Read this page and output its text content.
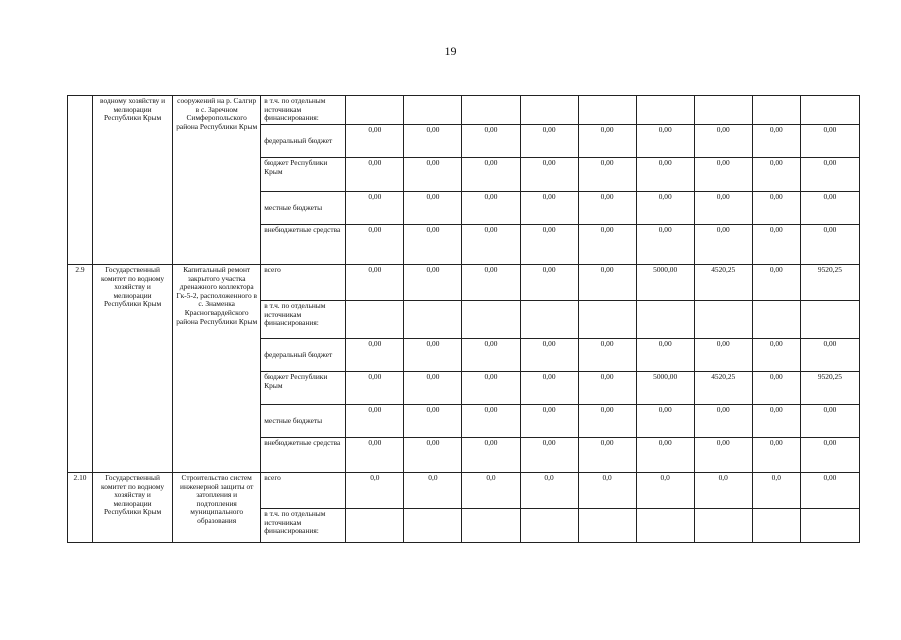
19
	водному хозяйству и мелиорации Республики Крым	сооружений на р. Салгир в с. Заречном Симферопольского района Республики Крым	в т.ч. по отдельным источникам финансирования:									
			федеральный бюджет	0,00	0,00	0,00	0,00	0,00	0,00	0,00	0,00	0,00
			бюджет Республики Крым	0,00	0,00	0,00	0,00	0,00	0,00	0,00	0,00	0,00
			местные бюджеты	0,00	0,00	0,00	0,00	0,00	0,00	0,00	0,00	0,00
			внебюджетные средства	0,00	0,00	0,00	0,00	0,00	0,00	0,00	0,00	0,00
2.9	Государственный комитет по водному хозяйству и мелиорации Республики Крым	Капитальный ремонт закрытого участка дренажного коллектора Гк-5-2, расположенного в с. Знаменка Красногвардейского района Республики Крым	всего	0,00	0,00	0,00	0,00	0,00	5000,00	4520,25	0,00	9520,25
			в т.ч. по отдельным источникам финансирования:									
			федеральный бюджет	0,00	0,00	0,00	0,00	0,00	0,00	0,00	0,00	0,00
			бюджет Республики Крым	0,00	0,00	0,00	0,00	0,00	5000,00	4520,25	0,00	9520,25
			местные бюджеты	0,00	0,00	0,00	0,00	0,00	0,00	0,00	0,00	0,00
			внебюджетные средства	0,00	0,00	0,00	0,00	0,00	0,00	0,00	0,00	0,00
2.10	Государственный комитет по водному хозяйству и мелиорации Республики Крым	Строительство систем инженерной защиты от затопления и подтопления муниципального образования	всего	0,0	0,0	0,0	0,0	0,0	0,0	0,0	0,0	0,00
			в т.ч. по отдельным источникам финансирования:									
